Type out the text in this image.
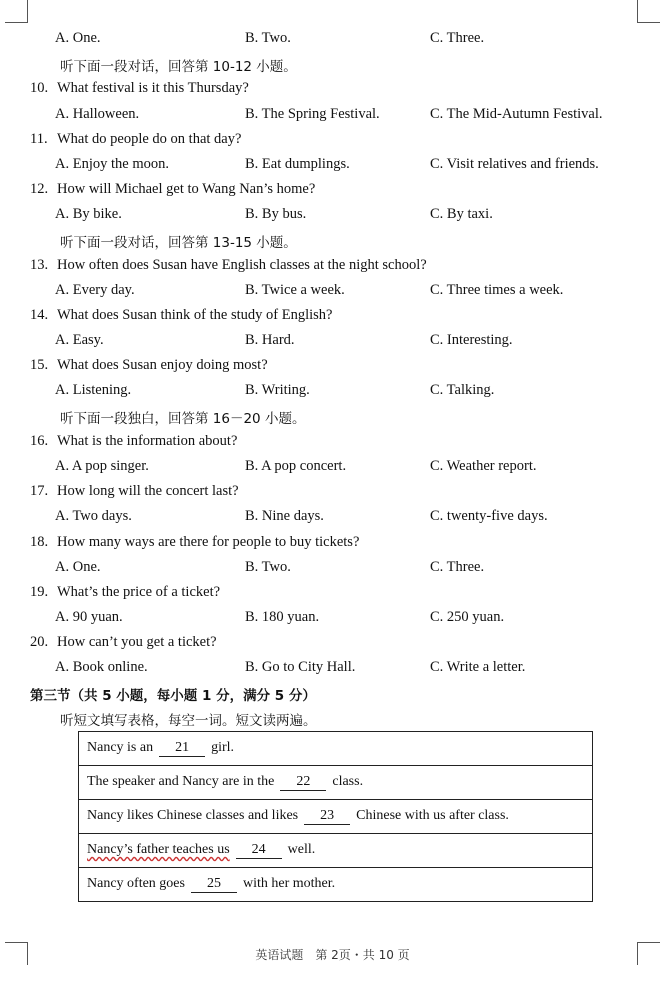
A. One.	B. Two.	C. Three.
听下面一段对话，回答第 10-12 小题。
10. What festival is it this Thursday?
A. Halloween.	B. The Spring Festival.	C. The Mid-Autumn Festival.
11. What do people do on that day?
A. Enjoy the moon.	B. Eat dumplings.	C. Visit relatives and friends.
12. How will Michael get to Wang Nan’s home?
A. By bike.	B. By bus.	C. By taxi.
听下面一段对话，回答第 13-15 小题。
13. How often does Susan have English classes at the night school?
A. Every day.	B. Twice a week.	C. Three times a week.
14. What does Susan think of the study of English?
A. Easy.	B. Hard.	C. Interesting.
15. What does Susan enjoy doing most?
A. Listening.	B. Writing.	C. Talking.
听下面一段独白，回答第 16－20 小题。
16. What is the information about?
A. A pop singer.	B. A pop concert.	C. Weather report.
17. How long will the concert last?
A. Two days.	B. Nine days.	C. twenty-five days.
18. How many ways are there for people to buy tickets?
A. One.	B. Two.	C. Three.
19. What’s the price of a ticket?
A. 90 yuan.	B. 180 yuan.	C. 250 yuan.
20. How can’t you get a ticket?
A. Book online.	B. Go to City Hall.	C. Write a letter.
第三节（共 5 小题，每小题 1 分，满分 5 分）
听短文填写表格，每空一词。短文读两遍。
Nancy is an 21 girl.
The speaker and Nancy are in the 22 class.
Nancy likes Chinese classes and likes 23 Chinese with us after class.
Nancy’s father teaches us 24 well.
Nancy often goes 25 with her mother.
英语试题　第 2页・共 10 页
